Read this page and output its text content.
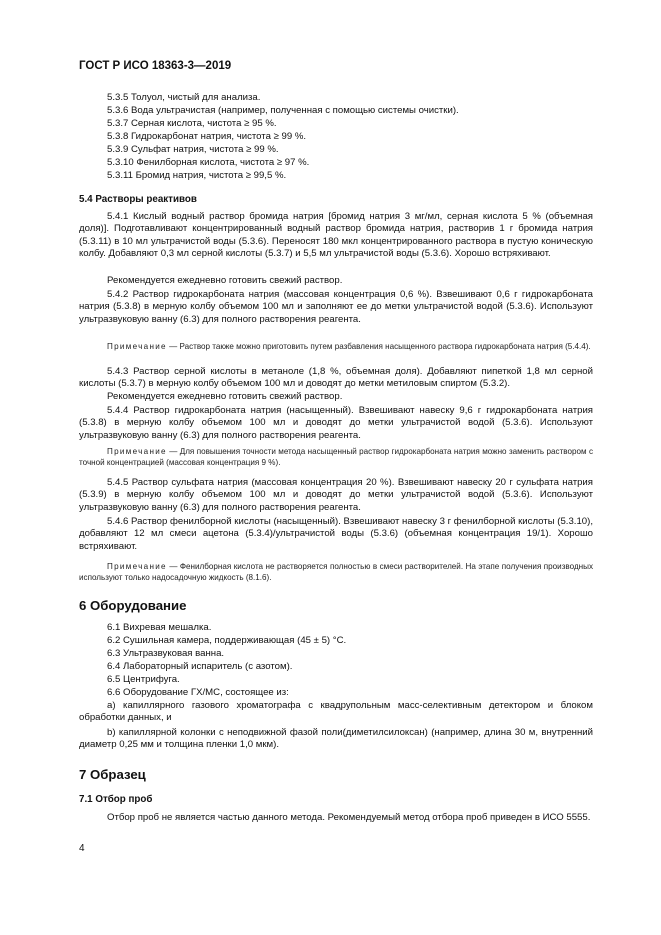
ГОСТ Р ИСО 18363-3—2019
5.3.5 Толуол, чистый для анализа.
5.3.6 Вода ультрачистая (например, полученная с помощью системы очистки).
5.3.7 Серная кислота, чистота ≥ 95 %.
5.3.8 Гидрокарбонат натрия, чистота ≥ 99 %.
5.3.9 Сульфат натрия, чистота ≥ 99 %.
5.3.10 Фенилборная кислота, чистота ≥ 97 %.
5.3.11 Бромид натрия, чистота ≥ 99,5 %.
5.4 Растворы реактивов
5.4.1 Кислый водный раствор бромида натрия [бромид натрия 3 мг/мл, серная кислота 5 % (объемная доля)]. Подготавливают концентрированный водный раствор бромида натрия, растворив 1 г бромида натрия (5.3.11) в 10 мл ультрачистой воды (5.3.6). Переносят 180 мкл концентрированного раствора в пустую коническую колбу. Добавляют 0,3 мл серной кислоты (5.3.7) и 5,5 мл ультрачистой воды (5.3.6). Хорошо встряхивают.
Рекомендуется ежедневно готовить свежий раствор.
5.4.2 Раствор гидрокарбоната натрия (массовая концентрация 0,6 %). Взвешивают 0,6 г гидрокарбоната натрия (5.3.8) в мерную колбу объемом 100 мл и заполняют ее до метки ультрачистой водой (5.3.6). Используют ультразвуковую ванну (6.3) для полного растворения реагента.
Примечание — Раствор также можно приготовить путем разбавления насыщенного раствора гидрокарбоната натрия (5.4.4).
5.4.3 Раствор серной кислоты в метаноле (1,8 %, объемная доля). Добавляют пипеткой 1,8 мл серной кислоты (5.3.7) в мерную колбу объемом 100 мл и доводят до метки метиловым спиртом (5.3.2).
Рекомендуется ежедневно готовить свежий раствор.
5.4.4 Раствор гидрокарбоната натрия (насыщенный). Взвешивают навеску 9,6 г гидрокарбоната натрия (5.3.8) в мерную колбу объемом 100 мл и доводят до метки ультрачистой водой (5.3.6). Используют ультразвуковую ванну (6.3) для полного растворения реагента.
Примечание — Для повышения точности метода насыщенный раствор гидрокарбоната натрия можно заменить раствором с точной концентрацией (массовая концентрация 9 %).
5.4.5 Раствор сульфата натрия (массовая концентрация 20 %). Взвешивают навеску 20 г сульфата натрия (5.3.9) в мерную колбу объемом 100 мл и доводят до метки ультрачистой водой (5.3.6). Используют ультразвуковую ванну (6.3) для полного растворения реагента.
5.4.6 Раствор фенилборной кислоты (насыщенный). Взвешивают навеску 3 г фенилборной кислоты (5.3.10), добавляют 12 мл смеси ацетона (5.3.4)/ультрачистой воды (5.3.6) (объемная концентрация 19/1). Хорошо встряхивают.
Примечание — Фенилборная кислота не растворяется полностью в смеси растворителей. На этапе получения производных используют только надосадочную жидкость (8.1.6).
6 Оборудование
6.1 Вихревая мешалка.
6.2 Сушильная камера, поддерживающая (45 ± 5) °C.
6.3 Ультразвуковая ванна.
6.4 Лабораторный испаритель (с азотом).
6.5 Центрифуга.
6.6 Оборудование ГХ/МС, состоящее из:
a) капиллярного газового хроматографа с квадрупольным масс-селективным детектором и блоком обработки данных, и
b) капиллярной колонки с неподвижной фазой поли(диметилсилоксан) (например, длина 30 м, внутренний диаметр 0,25 мм и толщина пленки 1,0 мкм).
7 Образец
7.1 Отбор проб
Отбор проб не является частью данного метода. Рекомендуемый метод отбора проб приведен в ИСО 5555.
4
